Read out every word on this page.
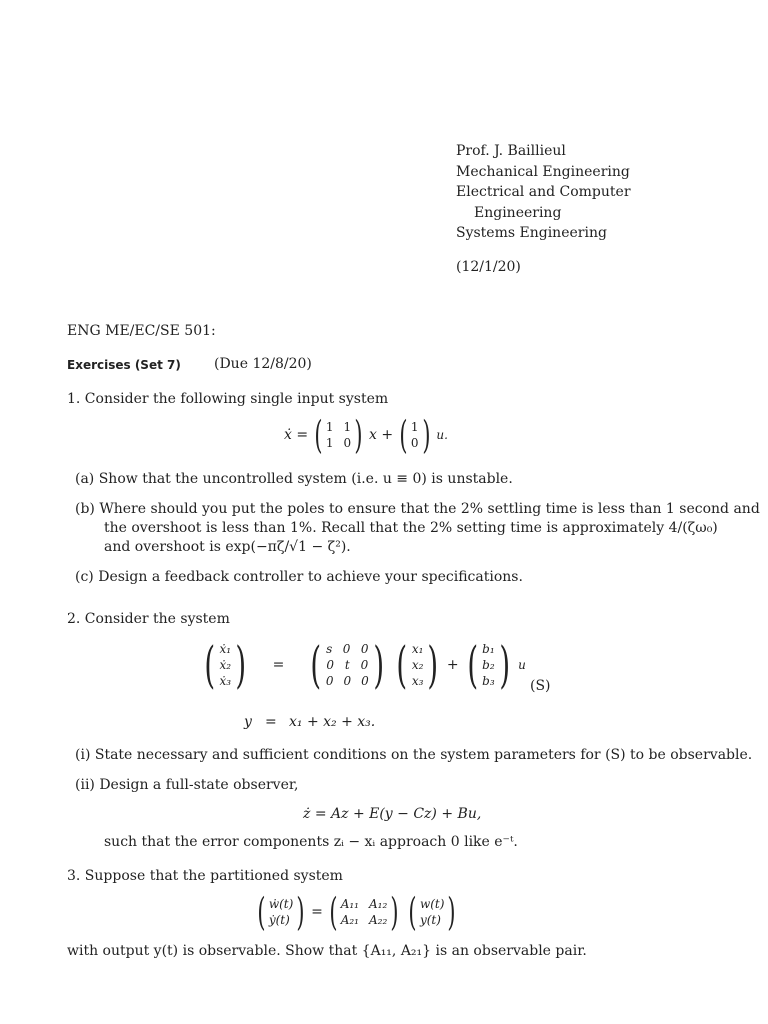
Prof. J. Baillieul
Mechanical Engineering
Electrical and Computer
Engineering
Systems Engineering
(12/1/20)
ENG ME/EC/SE 501:
Exercises (Set 7) (Due 12/8/20)
1. Consider the following single input system
ẋ = ( 1 1
1 0 ) x + ( 1
0 ) u.
(a) Show that the uncontrolled system (i.e. u ≡ 0) is unstable.
(b) Where should you put the poles to ensure that the 2% settling time is less than 1 second and
the overshoot is less than 1%. Recall that the 2% setting time is approximately 4/(ζω₀)
and overshoot is exp(−πζ/√1 − ζ²).
(c) Design a feedback controller to achieve your specifications.
2. Consider the system
( ẋ₁
ẋ₂
ẋ₃ ) = ( s 0 0
0 t 0
0 0 0 ) ( x₁
x₂
x₃ ) + ( b₁
b₂
b₃ ) u
(S)
y = x₁ + x₂ + x₃.
(i) State necessary and sufficient conditions on the system parameters for (S) to be observable.
(ii) Design a full-state observer,
ż = Az + E(y − Cz) + Bu,
such that the error components zᵢ − xᵢ approach 0 like e⁻ᵗ.
3. Suppose that the partitioned system
( ẇ(t)
ẏ(t) ) = ( A₁₁ A₁₂
A₂₁ A₂₂ ) ( w(t)
y(t) )
with output y(t) is observable. Show that {A₁₁, A₂₁} is an observable pair.
